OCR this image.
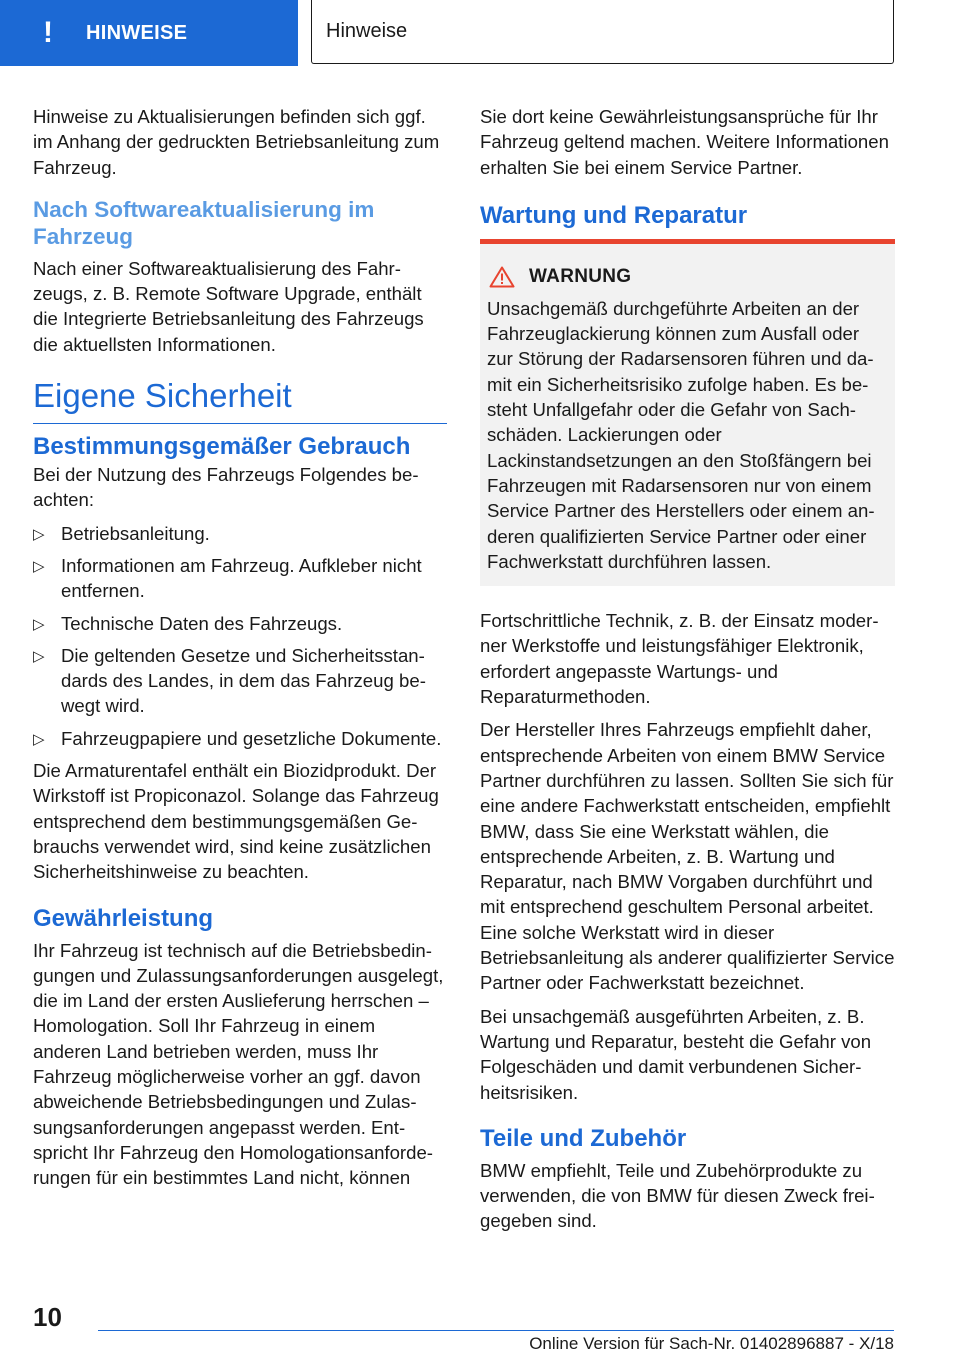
! HINWEISE	Hinweise

Hinweise zu Aktualisierungen befinden sich ggf. im Anhang der gedruckten Betriebsanleitung zum Fahrzeug.

Nach Softwareaktualisierung im Fahrzeug

Nach einer Softwareaktualisierung des Fahrzeugs, z. B. Remote Software Upgrade, enthält die Integrierte Betriebsanleitung des Fahrzeugs die aktuellsten Informationen.

Eigene Sicherheit
Bestimmungsgemäßer Gebrauch

Bei der Nutzung des Fahrzeugs Folgendes beachten:

▷ Betriebsanleitung.
▷ Informationen am Fahrzeug. Aufkleber nicht entfernen.
▷ Technische Daten des Fahrzeugs.
▷ Die geltenden Gesetze und Sicherheitsstandards des Landes, in dem das Fahrzeug bewegt wird.
▷ Fahrzeugpapiere und gesetzliche Dokumente.

Die Armaturentafel enthält ein Biozidprodukt. Der Wirkstoff ist Propiconazol. Solange das Fahrzeug entsprechend dem bestimmungsgemäßen Gebrauchs verwendet wird, sind keine zusätzlichen Sicherheitshinweise zu beachten.

Gewährleistung

Ihr Fahrzeug ist technisch auf die Betriebsbedingungen und Zulassungsanforderungen ausgelegt, die im Land der ersten Auslieferung herrschen – Homologation. Soll Ihr Fahrzeug in einem anderen Land betrieben werden, muss Ihr Fahrzeug möglicherweise vorher an ggf. davon abweichende Betriebsbedingungen und Zulassungsanforderungen angepasst werden. Entspricht Ihr Fahrzeug den Homologationsanforderungen für ein bestimmtes Land nicht, können

Sie dort keine Gewährleistungsansprüche für Ihr Fahrzeug geltend machen. Weitere Informationen erhalten Sie bei einem Service Partner.

Wartung und Reparatur
WARNUNG

Unsachgemäß durchgeführte Arbeiten an der Fahrzeuglackierung können zum Ausfall oder zur Störung der Radarsensoren führen und damit ein Sicherheitsrisiko zufolge haben. Es besteht Unfallgefahr oder die Gefahr von Sachschäden. Lackierungen oder Lackinstandsetzungen an den Stoßfängern bei Fahrzeugen mit Radarsensoren nur von einem Service Partner des Herstellers oder einem anderen qualifizierten Service Partner oder einer Fachwerkstatt durchführen lassen.

Fortschrittliche Technik, z. B. der Einsatz moderner Werkstoffe und leistungsfähiger Elektronik, erfordert angepasste Wartungs- und Reparaturmethoden.

Der Hersteller Ihres Fahrzeugs empfiehlt daher, entsprechende Arbeiten von einem BMW Service Partner durchführen zu lassen. Sollten Sie sich für eine andere Fachwerkstatt entscheiden, empfiehlt BMW, dass Sie eine Werkstatt wählen, die entsprechende Arbeiten, z. B. Wartung und Reparatur, nach BMW Vorgaben durchführt und mit entsprechend geschultem Personal arbeitet. Eine solche Werkstatt wird in dieser Betriebsanleitung als anderer qualifizierter Service Partner oder Fachwerkstatt bezeichnet.

Bei unsachgemäß ausgeführten Arbeiten, z. B. Wartung und Reparatur, besteht die Gefahr von Folgeschäden und damit verbundenen Sicherheitsrisiken.

Teile und Zubehör

BMW empfiehlt, Teile und Zubehörprodukte zu verwenden, die von BMW für diesen Zweck freigegeben sind.

10
Online Version für Sach-Nr. 01402896887 - X/18
